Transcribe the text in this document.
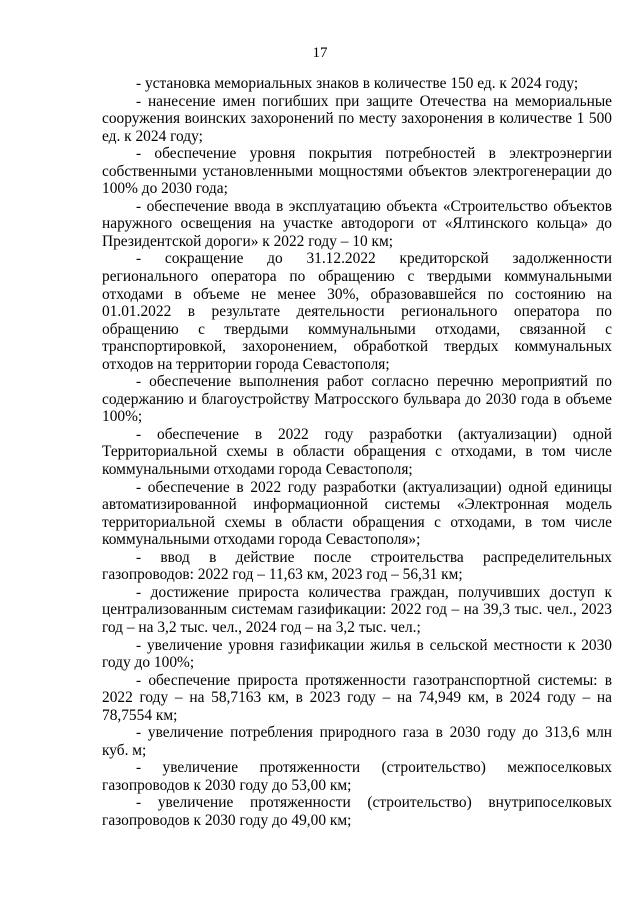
17

- установка мемориальных знаков в количестве 150 ед. к 2024 году;

- нанесение имен погибших при защите Отечества на мемориальные сооружения воинских захоронений по месту захоронения в количестве 1 500 ед. к 2024 году;

- обеспечение уровня покрытия потребностей в электроэнергии собственными установленными мощностями объектов электрогенерации до 100% до 2030 года;

- обеспечение ввода в эксплуатацию объекта «Строительство объектов наружного освещения на участке автодороги от «Ялтинского кольца» до Президентской дороги» к 2022 году – 10 км;

- сокращение до 31.12.2022 кредиторской задолженности регионального оператора по обращению с твердыми коммунальными отходами в объеме не менее 30%, образовавшейся по состоянию на 01.01.2022 в результате деятельности регионального оператора по обращению с твердыми коммунальными отходами, связанной с транспортировкой, захоронением, обработкой твердых коммунальных отходов на территории города Севастополя;

- обеспечение выполнения работ согласно перечню мероприятий по содержанию и благоустройству Матросского бульвара до 2030 года в объеме 100%;

- обеспечение в 2022 году разработки (актуализации) одной Территориальной схемы в области обращения с отходами, в том числе коммунальными отходами города Севастополя;

- обеспечение в 2022 году разработки (актуализации) одной единицы автоматизированной информационной системы «Электронная модель территориальной схемы в области обращения с отходами, в том числе коммунальными отходами города Севастополя»;

- ввод в действие после строительства распределительных газопроводов: 2022 год – 11,63 км, 2023 год – 56,31 км;

- достижение прироста количества граждан, получивших доступ к централизованным системам газификации: 2022 год – на 39,3 тыс. чел., 2023 год – на 3,2 тыс. чел., 2024 год – на 3,2 тыс. чел.;

- увеличение уровня газификации жилья в сельской местности к 2030 году до 100%;

- обеспечение прироста протяженности газотранспортной системы: в 2022 году – на 58,7163 км, в 2023 году – на 74,949 км, в 2024 году – на 78,7554 км;

- увеличение потребления природного газа в 2030 году до 313,6 млн куб. м;

- увеличение протяженности (строительство) межпоселковых газопроводов к 2030 году до 53,00 км;

- увеличение протяженности (строительство) внутрипоселковых газопроводов к 2030 году до 49,00 км;
